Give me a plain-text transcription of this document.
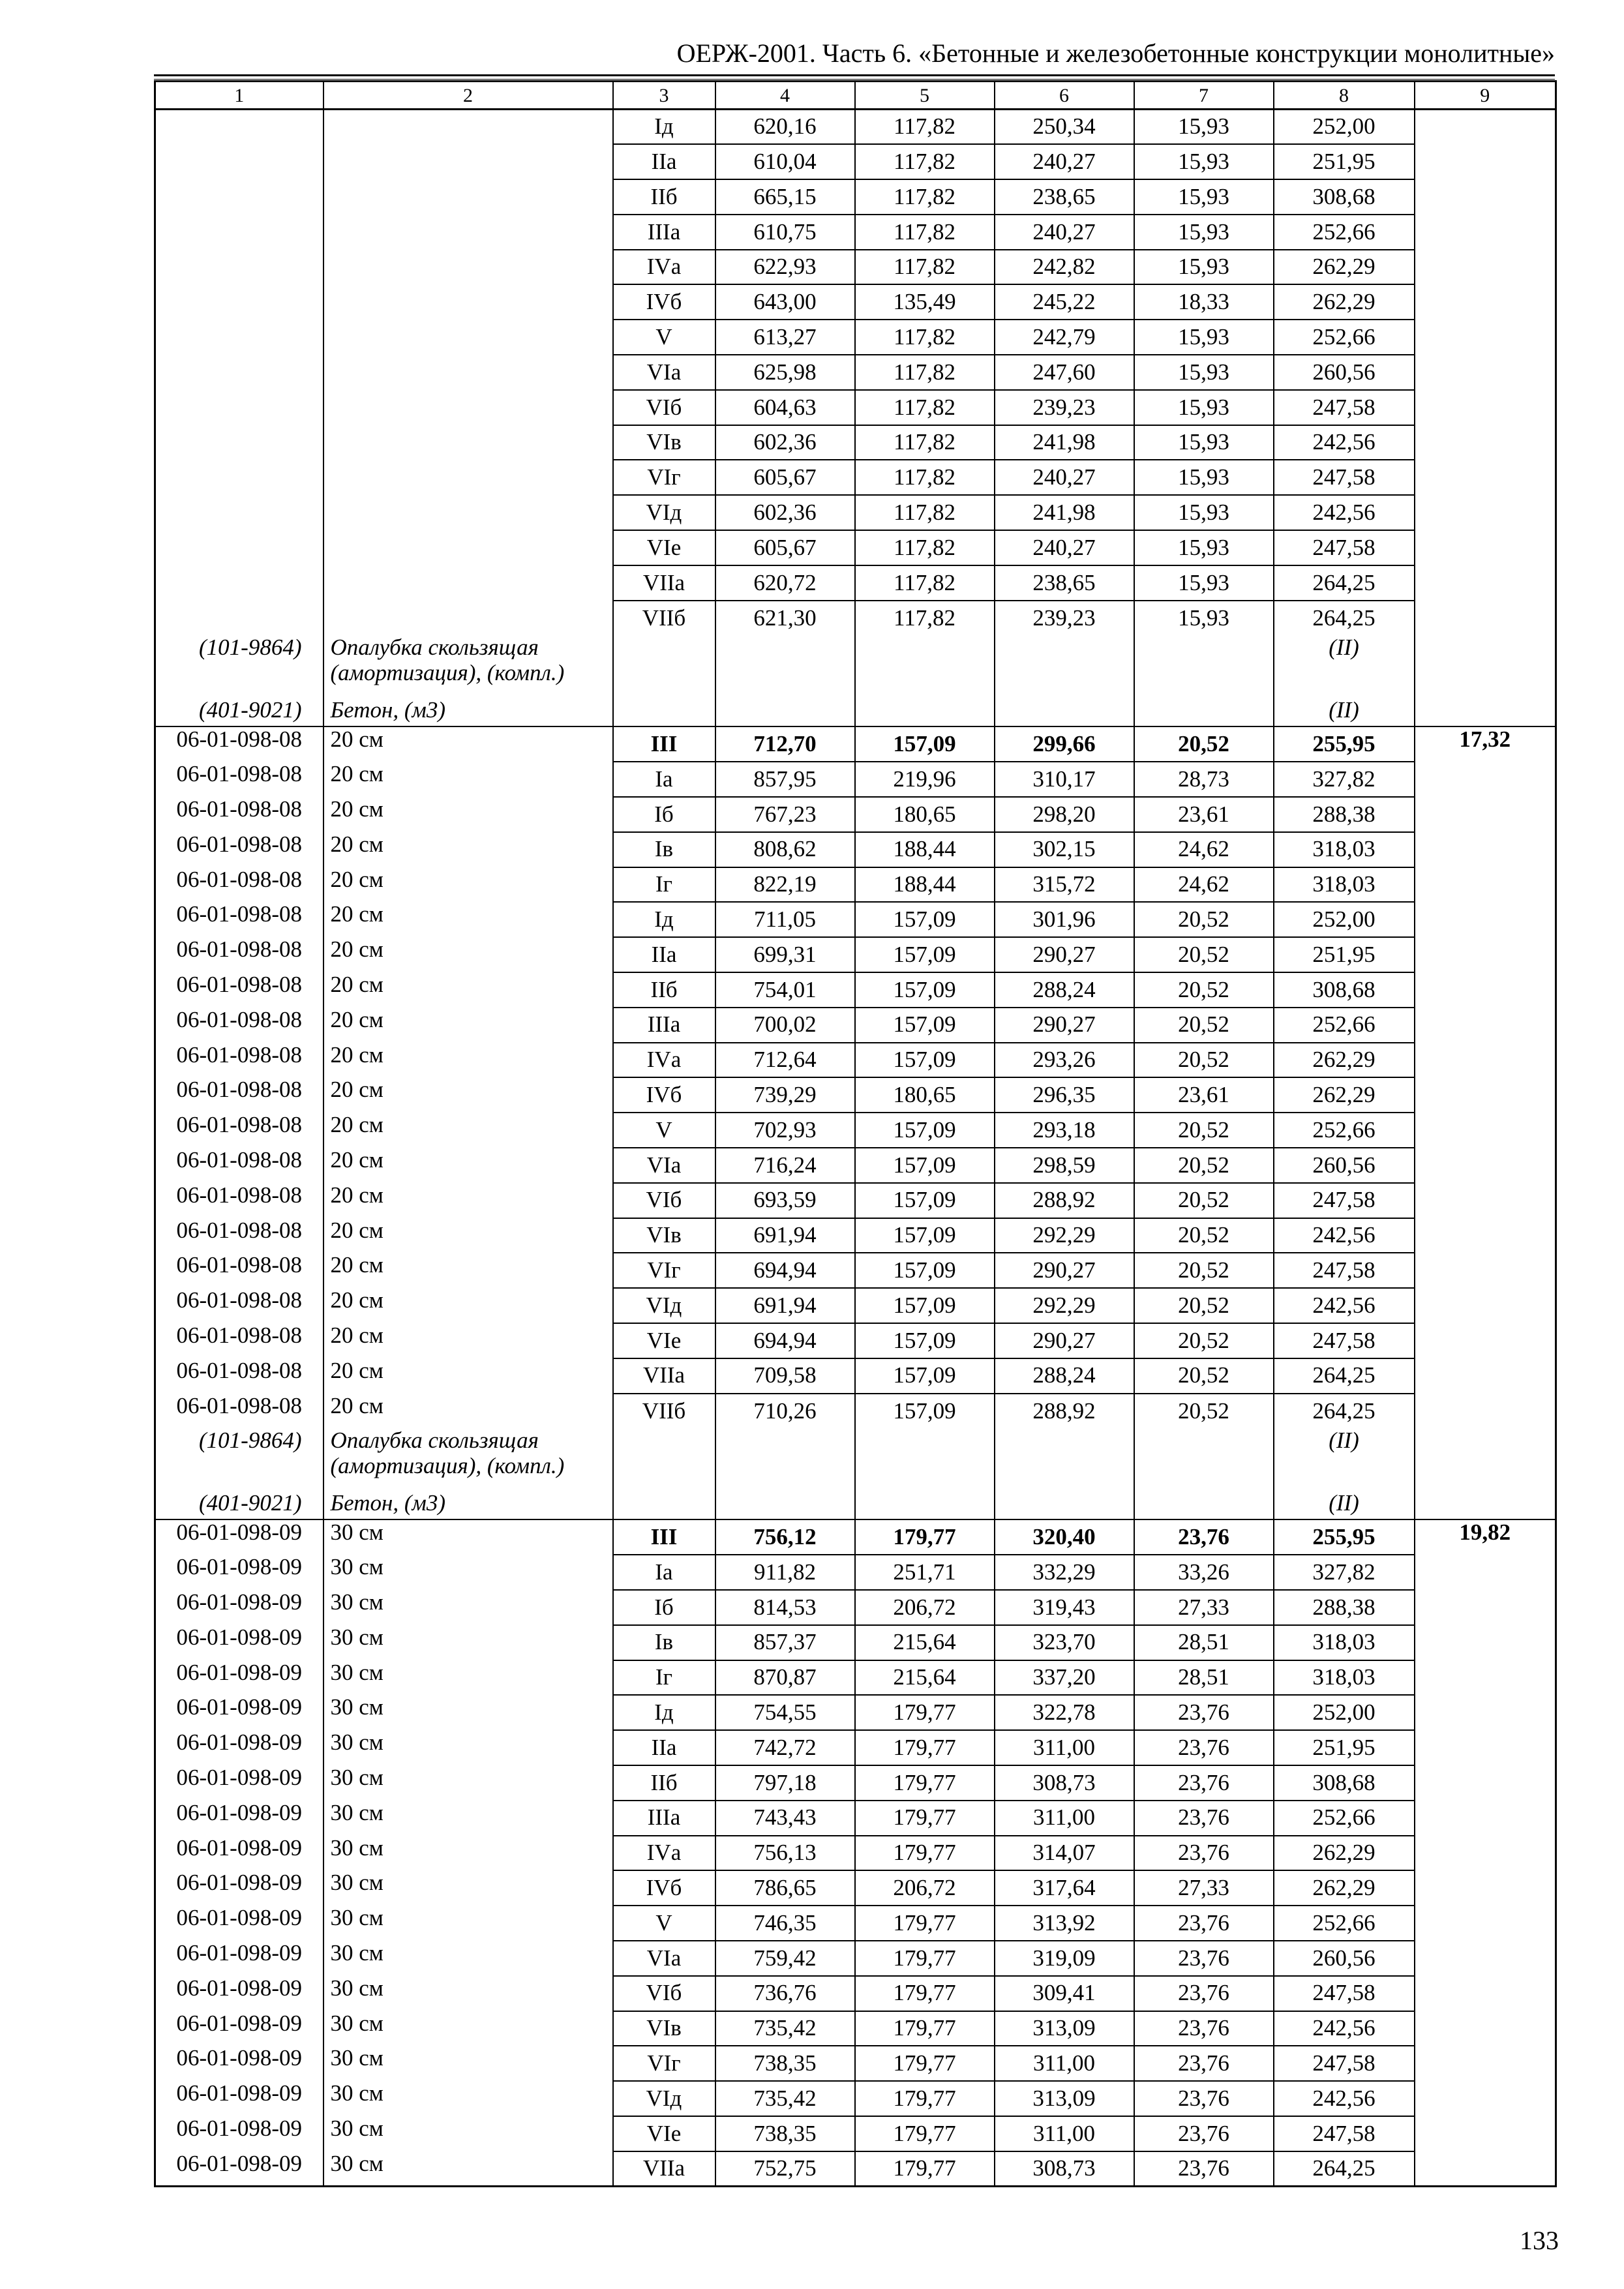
ОЕРЖ-2001. Часть 6. «Бетонные и железобетонные конструкции монолитные»
1	2	3	4	5	6	7	8	9
		Iд	620,16	117,82	250,34	15,93	252,00	
		IIа	610,04	117,82	240,27	15,93	251,95	
		IIб	665,15	117,82	238,65	15,93	308,68	
		IIIа	610,75	117,82	240,27	15,93	252,66	
		IVа	622,93	117,82	242,82	15,93	262,29	
		IVб	643,00	135,49	245,22	18,33	262,29	
		V	613,27	117,82	242,79	15,93	252,66	
		VIа	625,98	117,82	247,60	15,93	260,56	
		VIб	604,63	117,82	239,23	15,93	247,58	
		VIв	602,36	117,82	241,98	15,93	242,56	
		VIг	605,67	117,82	240,27	15,93	247,58	
		VIд	602,36	117,82	241,98	15,93	242,56	
		VIе	605,67	117,82	240,27	15,93	247,58	
		VIIа	620,72	117,82	238,65	15,93	264,25	
		VIIб	621,30	117,82	239,23	15,93	264,25	
(101-9864)	Опалубка скользящая (амортизация), (компл.)						(II)	
(401-9021)	Бетон, (м3)						(II)	
06-01-098-08	20 см	III	712,70	157,09	299,66	20,52	255,95	17,32
06-01-098-08	20 см	Iа	857,95	219,96	310,17	28,73	327,82	
06-01-098-08	20 см	Iб	767,23	180,65	298,20	23,61	288,38	
06-01-098-08	20 см	Iв	808,62	188,44	302,15	24,62	318,03	
06-01-098-08	20 см	Iг	822,19	188,44	315,72	24,62	318,03	
06-01-098-08	20 см	Iд	711,05	157,09	301,96	20,52	252,00	
06-01-098-08	20 см	IIа	699,31	157,09	290,27	20,52	251,95	
06-01-098-08	20 см	IIб	754,01	157,09	288,24	20,52	308,68	
06-01-098-08	20 см	IIIа	700,02	157,09	290,27	20,52	252,66	
06-01-098-08	20 см	IVа	712,64	157,09	293,26	20,52	262,29	
06-01-098-08	20 см	IVб	739,29	180,65	296,35	23,61	262,29	
06-01-098-08	20 см	V	702,93	157,09	293,18	20,52	252,66	
06-01-098-08	20 см	VIа	716,24	157,09	298,59	20,52	260,56	
06-01-098-08	20 см	VIб	693,59	157,09	288,92	20,52	247,58	
06-01-098-08	20 см	VIв	691,94	157,09	292,29	20,52	242,56	
06-01-098-08	20 см	VIг	694,94	157,09	290,27	20,52	247,58	
06-01-098-08	20 см	VIд	691,94	157,09	292,29	20,52	242,56	
06-01-098-08	20 см	VIе	694,94	157,09	290,27	20,52	247,58	
06-01-098-08	20 см	VIIа	709,58	157,09	288,24	20,52	264,25	
06-01-098-08	20 см	VIIб	710,26	157,09	288,92	20,52	264,25	
(101-9864)	Опалубка скользящая (амортизация), (компл.)						(II)	
(401-9021)	Бетон, (м3)						(II)	
06-01-098-09	30 см	III	756,12	179,77	320,40	23,76	255,95	19,82
06-01-098-09	30 см	Iа	911,82	251,71	332,29	33,26	327,82	
06-01-098-09	30 см	Iб	814,53	206,72	319,43	27,33	288,38	
06-01-098-09	30 см	Iв	857,37	215,64	323,70	28,51	318,03	
06-01-098-09	30 см	Iг	870,87	215,64	337,20	28,51	318,03	
06-01-098-09	30 см	Iд	754,55	179,77	322,78	23,76	252,00	
06-01-098-09	30 см	IIа	742,72	179,77	311,00	23,76	251,95	
06-01-098-09	30 см	IIб	797,18	179,77	308,73	23,76	308,68	
06-01-098-09	30 см	IIIа	743,43	179,77	311,00	23,76	252,66	
06-01-098-09	30 см	IVа	756,13	179,77	314,07	23,76	262,29	
06-01-098-09	30 см	IVб	786,65	206,72	317,64	27,33	262,29	
06-01-098-09	30 см	V	746,35	179,77	313,92	23,76	252,66	
06-01-098-09	30 см	VIа	759,42	179,77	319,09	23,76	260,56	
06-01-098-09	30 см	VIб	736,76	179,77	309,41	23,76	247,58	
06-01-098-09	30 см	VIв	735,42	179,77	313,09	23,76	242,56	
06-01-098-09	30 см	VIг	738,35	179,77	311,00	23,76	247,58	
06-01-098-09	30 см	VIд	735,42	179,77	313,09	23,76	242,56	
06-01-098-09	30 см	VIе	738,35	179,77	311,00	23,76	247,58	
06-01-098-09	30 см	VIIа	752,75	179,77	308,73	23,76	264,25	
133
